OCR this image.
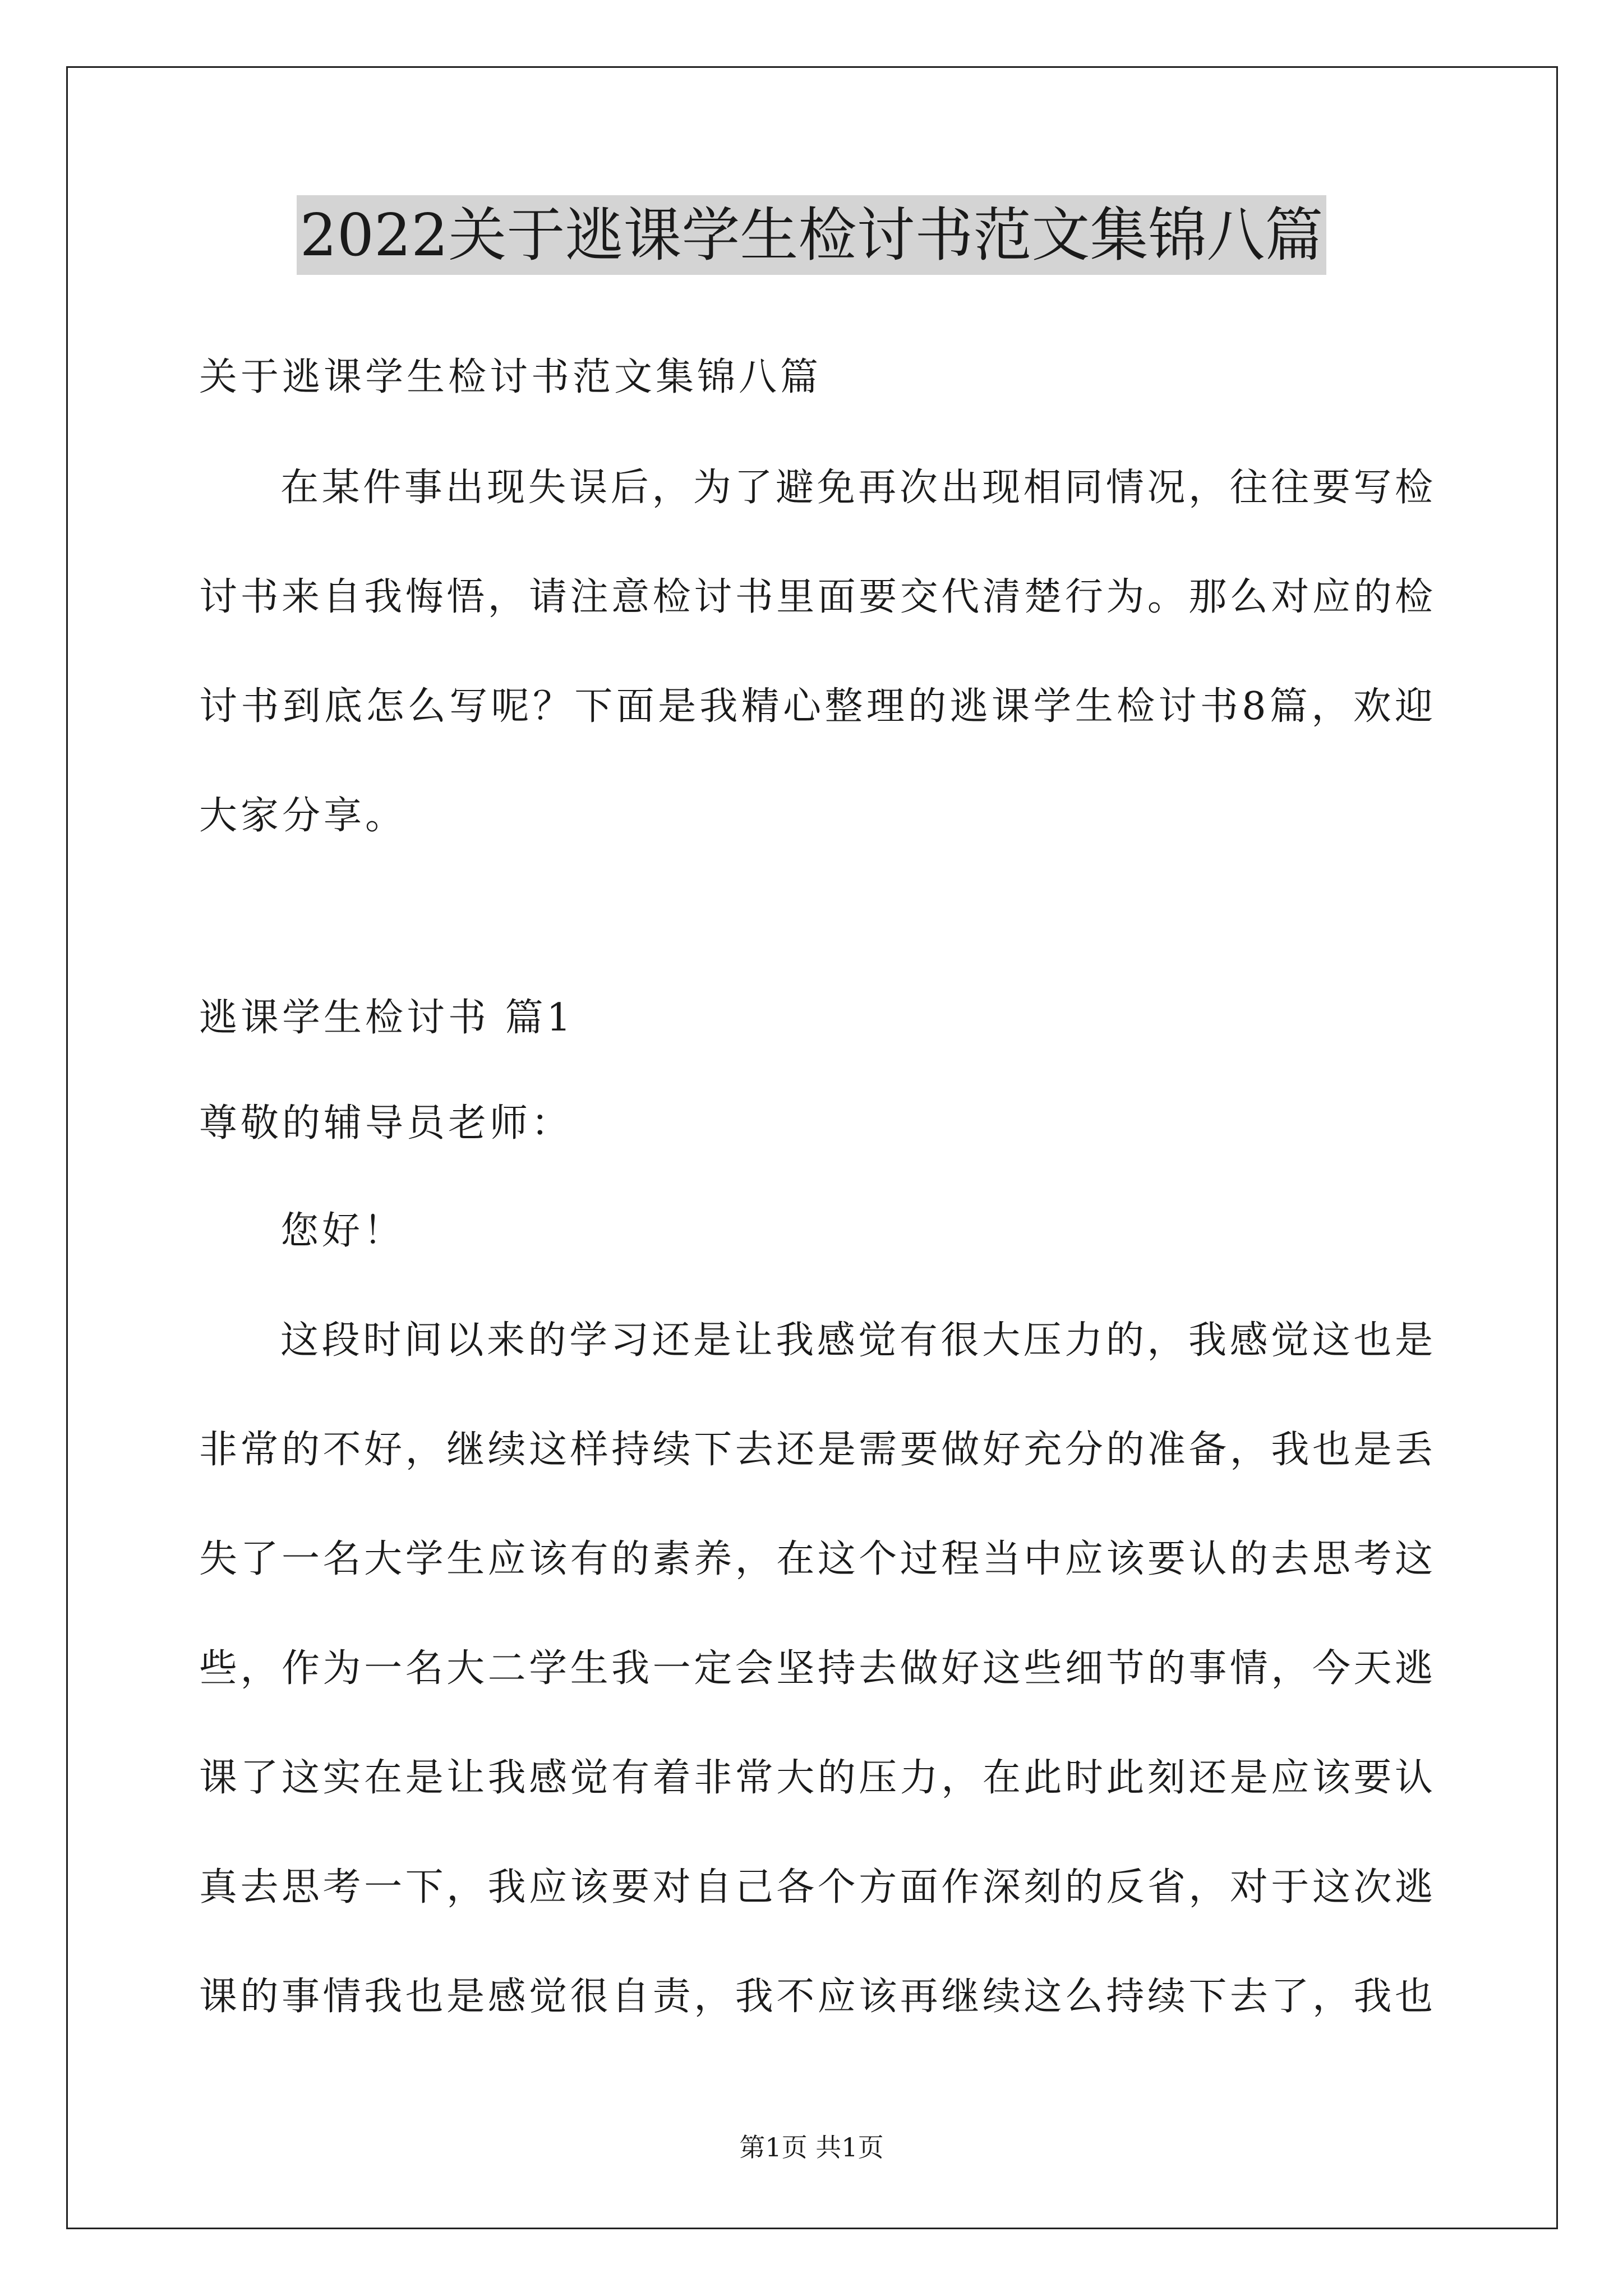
2022关于逃课学生检讨书范文集锦八篇
关于逃课学生检讨书范文集锦八篇
在某件事出现失误后，为了避免再次出现相同情况，往往要写检
讨书来自我悔悟，请注意检讨书里面要交代清楚行为。那么对应的检
讨书到底怎么写呢？下面是我精心整理的逃课学生检讨书8篇，欢迎
大家分享。
逃课学生检讨书 篇1
尊敬的辅导员老师：
您好！
这段时间以来的学习还是让我感觉有很大压力的，我感觉这也是
非常的不好，继续这样持续下去还是需要做好充分的准备，我也是丢
失了一名大学生应该有的素养，在这个过程当中应该要认的去思考这
些，作为一名大二学生我一定会坚持去做好这些细节的事情，今天逃
课了这实在是让我感觉有着非常大的压力，在此时此刻还是应该要认
真去思考一下，我应该要对自己各个方面作深刻的反省，对于这次逃
课的事情我也是感觉很自责，我不应该再继续这么持续下去了，我也
第1页 共1页
